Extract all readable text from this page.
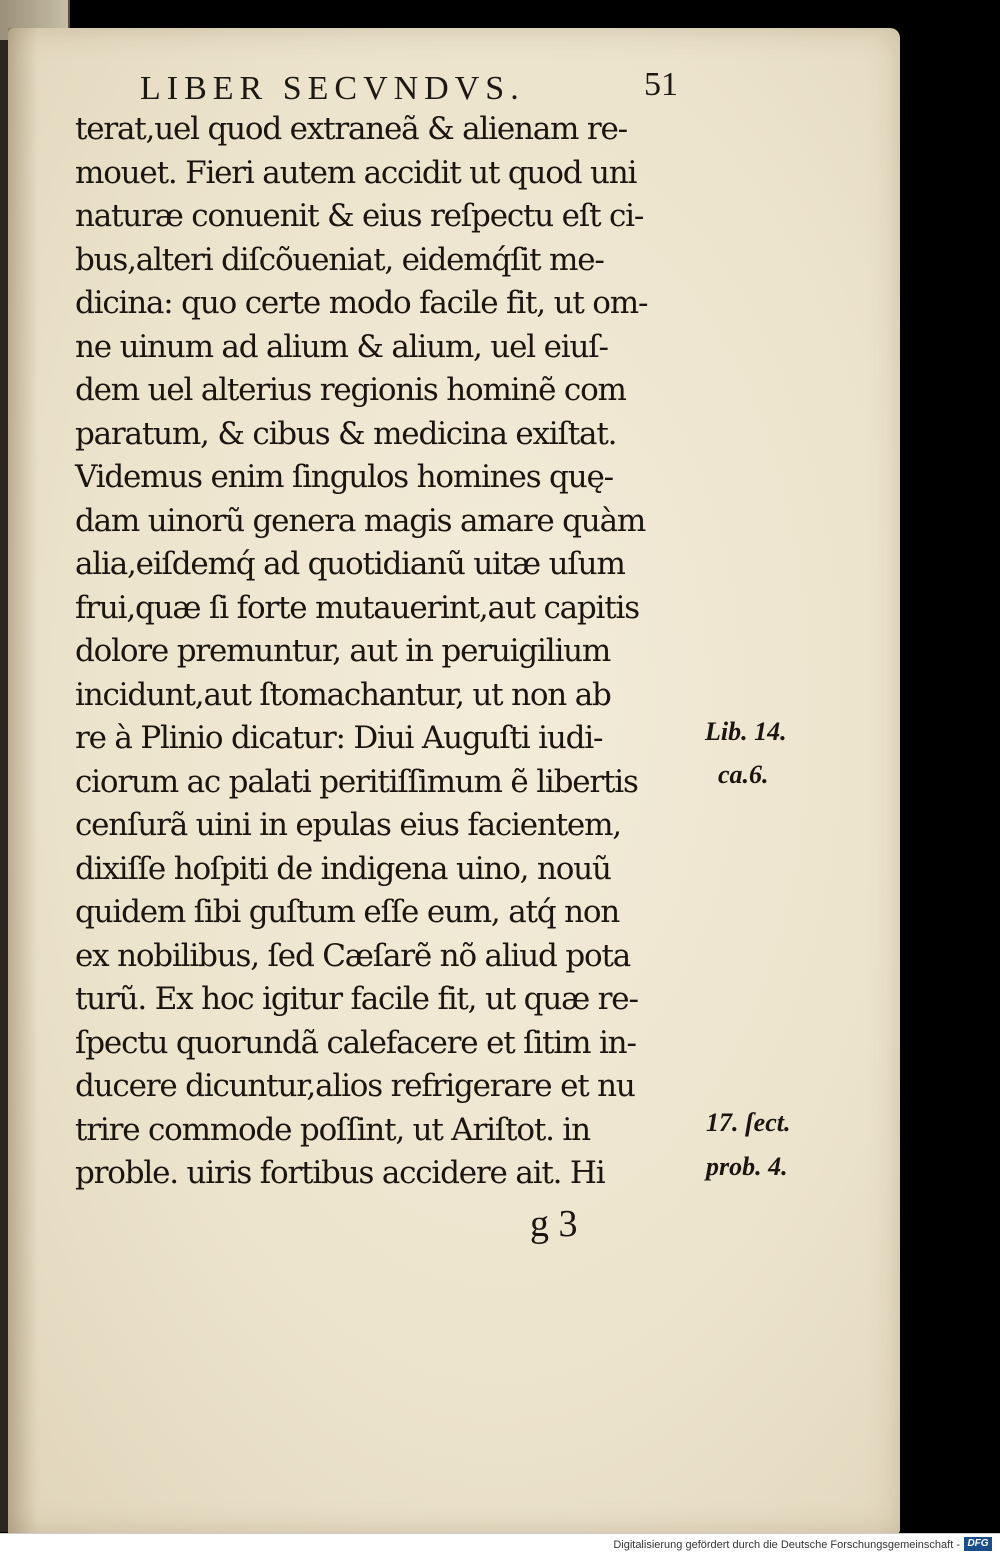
LIBER SECVNDVS.	51
terat,uel quod extraneã & alienam re-
mouet. Fieri autem accidit ut quod uni
naturæ conuenit & eius reſpectu eſt ci-
bus,alteri diſcõueniat, eidemq́ſit me-
dicina: quo certe modo facile fit, ut om-
ne uinum ad alium & alium, uel eiuſ-
dem uel alterius regionis hominẽ com
paratum, & cibus & medicina exiſtat.
Videmus enim ſingulos homines quę-
dam uinorũ genera magis amare quàm
alia,eiſdemq́ ad quotidianũ uitæ uſum
frui,quæ ſi forte mutauerint,aut capitis
dolore premuntur, aut in peruigilium
incidunt,aut ſtomachantur, ut non ab
re à Plinio dicatur: Diui Auguſti iudi-
ciorum ac palati peritiſſimum ẽ libertis
cenſurã uini in epulas eius facientem,
dixiſſe hoſpiti de indigena uino, nouũ
quidem ſibi guſtum eſſe eum, atq́ non
ex nobilibus, ſed Cæſarẽ nõ aliud pota
turũ. Ex hoc igitur facile fit, ut quæ re-
ſpectu quorundã calefacere et ſitim in-
ducere dicuntur,alios refrigerare et nu
trire commode poſſint, ut Ariſtot. in
proble. uiris fortibus accidere ait. Hi
Lib. 14.
ca.6.
17. ſect.
prob. 4.
g 3
Digitalisierung gefördert durch die Deutsche Forschungsgemeinschaft - DFG
